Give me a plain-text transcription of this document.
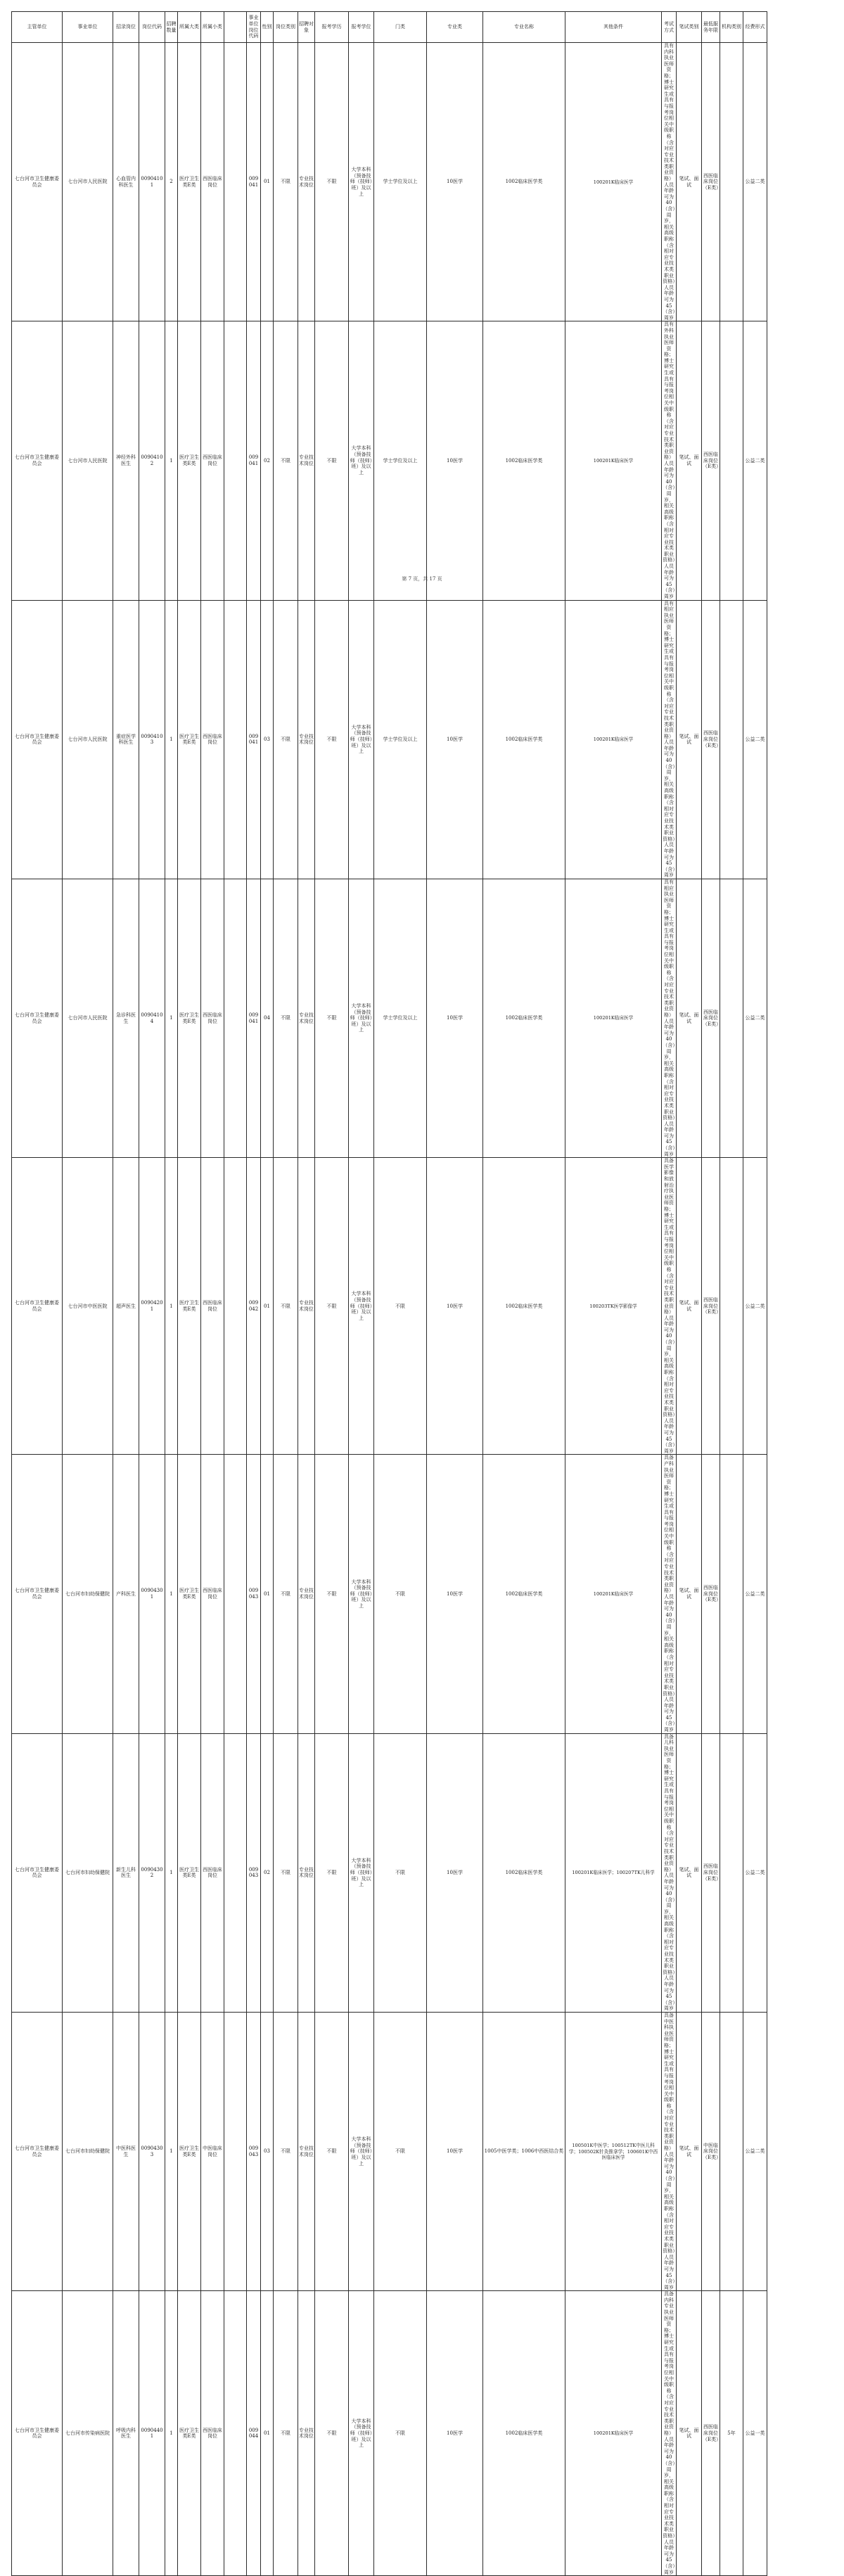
主管单位	事业单位	招录岗位	岗位代码	招聘数量	所属大类	所属小类		事业单位岗位代码	性别	岗位类别	招聘对象	报考学历	报考学位	门类	专业类	专业名称	其他条件	考试方式	笔试类别	最低服务年限	机构类别	经费形式
七台河市卫生健康委员会	七台河市人民医院	心血管内科医生	00904101	2	医疗卫生类E类	西医临床岗位		009041	01	不限	专业技术岗位	不限	大学本科（预备技师（技师）班）及以上	学士学位及以上	10医学	1002临床医学类	100201K临床医学	具有内科执业医师资格；博士研究生或具有与报考岗位相关中级职称（含对应专业技术类职业资格）人员年龄可为40（含）周岁，相关高级职称（含相对应专业技术类职业资格）人员年龄可为45（含）周岁	笔试、面试	西医临床岗位（E类）		公益二类
七台河市卫生健康委员会	七台河市人民医院	神经外科医生	00904102	1	医疗卫生类E类	西医临床岗位		009041	02	不限	专业技术岗位	不限	大学本科（预备技师（技师）班）及以上	学士学位及以上	10医学	1002临床医学类	100201K临床医学	具有外科执业医师资格；博士研究生或具有与报考岗位相关中级职称（含对应专业技术类职业资格）人员年龄可为40（含）周岁，相关高级职称（含相对应专业技术类职业资格）人员年龄可为45（含）周岁	笔试、面试	西医临床岗位（E类）		公益二类
七台河市卫生健康委员会	七台河市人民医院	重症医学科医生	00904103	1	医疗卫生类E类	西医临床岗位		009041	03	不限	专业技术岗位	不限	大学本科（预备技师（技师）班）及以上	学士学位及以上	10医学	1002临床医学类	100201K临床医学	具有相应执业医师资格；博士研究生或具有与报考岗位相关中级职称（含对应专业技术类职业资格）人员年龄可为40（含）周岁，相关高级职称（含相对应专业技术类职业资格）人员年龄可为45（含）周岁	笔试、面试	西医临床岗位（E类）		公益二类
七台河市卫生健康委员会	七台河市人民医院	急诊科医生	00904104	1	医疗卫生类E类	西医临床岗位		009041	04	不限	专业技术岗位	不限	大学本科（预备技师（技师）班）及以上	学士学位及以上	10医学	1002临床医学类	100201K临床医学	具有相应执业医师资格；博士研究生或具有与报考岗位相关中级职称（含对应专业技术类职业资格）人员年龄可为40（含）周岁，相关高级职称（含相对应专业技术类职业资格）人员年龄可为45（含）周岁	笔试、面试	西医临床岗位（E类）		公益二类
七台河市卫生健康委员会	七台河市中医医院	超声医生	00904201	1	医疗卫生类E类	西医临床岗位		009042	01	不限	专业技术岗位	不限	大学本科（预备技师（技师）班）及以上	不限	10医学	1002临床医学类	100203TK医学影像学	具备医学影像和放射治疗执业医师资格；博士研究生或具有与报考岗位相关中级职称（含对应专业技术类职业资格）人员年龄可为40（含）周岁，相关高级职称（含相对应专业技术类职业资格）人员年龄可为45（含）周岁	笔试、面试	西医临床岗位（E类）		公益二类
七台河市卫生健康委员会	七台河市妇幼保健院	产科医生	00904301	1	医疗卫生类E类	西医临床岗位		009043	01	不限	专业技术岗位	不限	大学本科（预备技师（技师）班）及以上	不限	10医学	1002临床医学类	100201K临床医学	具备产科执业医师资格；博士研究生或具有与报考岗位相关中级职称（含对应专业技术类职业资格）人员年龄可为40（含）周岁，相关高级职称（含相对应专业技术类职业资格）人员年龄可为45（含）周岁	笔试、面试	西医临床岗位（E类）		公益二类
七台河市卫生健康委员会	七台河市妇幼保健院	新生儿科医生	00904302	1	医疗卫生类E类	西医临床岗位		009043	02	不限	专业技术岗位	不限	大学本科（预备技师（技师）班）及以上	不限	10医学	1002临床医学类	100201K临床医学；100207TK儿科学	具备儿科执业医师资格；博士研究生或具有与报考岗位相关中级职称（含对应专业技术类职业资格）人员年龄可为40（含）周岁，相关高级职称（含相对应专业技术类职业资格）人员年龄可为45（含）周岁	笔试、面试	西医临床岗位（E类）		公益二类
七台河市卫生健康委员会	七台河市妇幼保健院	中医科医生	00904303	1	医疗卫生类E类	中医临床岗位		009043	03	不限	专业技术岗位	不限	大学本科（预备技师（技师）班）及以上	不限	10医学	1005中医学类；1006中西医结合类	100501K中医学；100512TK中医儿科学；100502K针灸推拿学；100601K中西医临床医学	具备中医科执业医师资格；博士研究生或具有与报考岗位相关中级职称（含对应专业技术类职业资格）人员年龄可为40（含）周岁，相关高级职称（含相对应专业技术类职业资格）人员年龄可为45（含）周岁	笔试、面试	中医临床岗位（E类）		公益二类
七台河市卫生健康委员会	七台河市传染病医院	呼吸内科医生	00904401	1	医疗卫生类E类	西医临床岗位		009044	01	不限	专业技术岗位	不限	大学本科（预备技师（技师）班）及以上	不限	10医学	1002临床医学类	100201K临床医学	具备内科专业执业医师资格；博士研究生或具有与报考岗位相关中级职称（含对应专业技术类职业资格）人员年龄可为40（含）周岁，相关高级职称（含相对应专业技术类职业资格）人员年龄可为45（含）周岁	笔试、面试	西医临床岗位（E类）	5年	公益一类
第 7 页，共 17 页
